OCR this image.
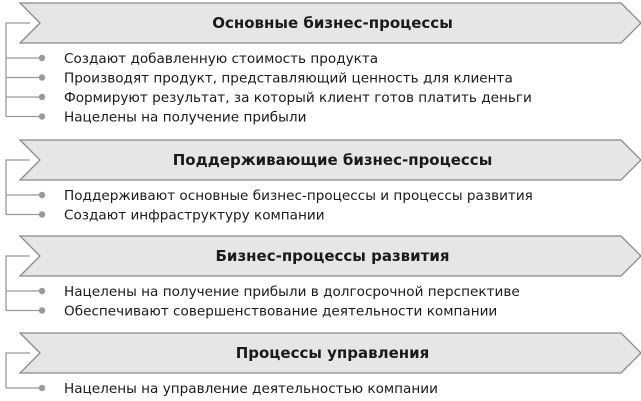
Основные бизнес-процессы
Создают добавленную стоимость продукта
Производят продукт, представляющий ценность для клиента
Формируют результат, за который клиент готов платить деньги
Нацелены на получение прибыли
Поддерживающие бизнес-процессы
Поддерживают основные бизнес-процессы и процессы развития
Создают инфраструктуру компании
Бизнес-процессы развития
Нацелены на получение прибыли в долгосрочной перспективе
Обеспечивают совершенствование деятельности компании
Процессы управления
Нацелены на управление деятельностью компании
